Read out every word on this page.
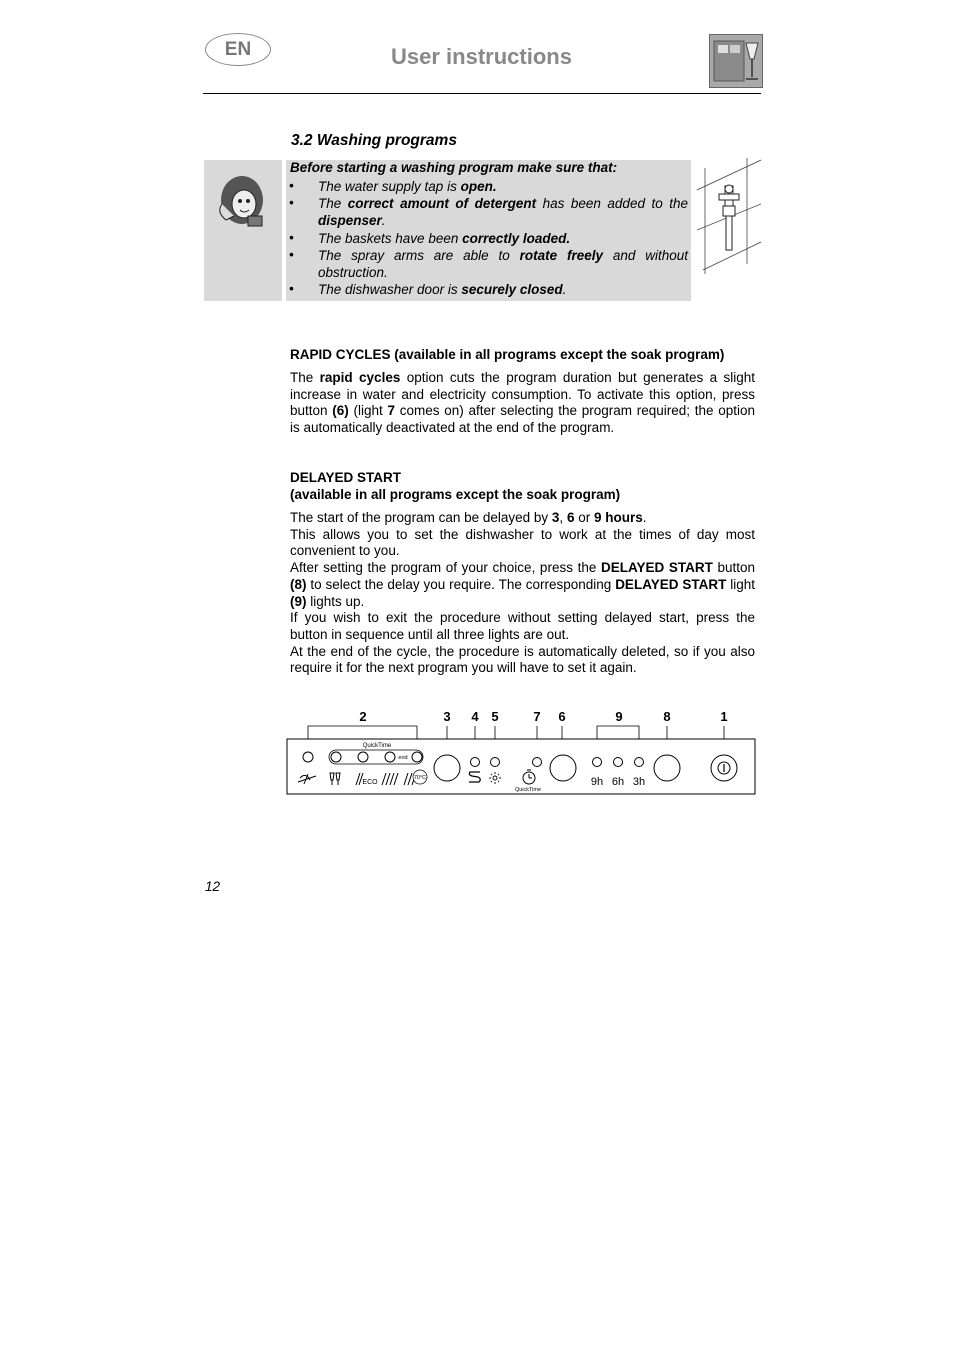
EN	User instructions
3.2 Washing programs
Before starting a washing program make sure that:
• The water supply tap is open.
• The correct amount of detergent has been added to the dispenser.
• The baskets have been correctly loaded.
• The spray arms are able to rotate freely and without obstruction.
• The dishwasher door is securely closed.
RAPID CYCLES (available in all programs except the soak program)
The rapid cycles option cuts the program duration but generates a slight increase in water and electricity consumption. To activate this option, press button (6) (light 7 comes on) after selecting the program required; the option is automatically deactivated at the end of the program.
DELAYED START
(available in all programs except the soak program)
The start of the program can be delayed by 3, 6 or 9 hours.
This allows you to set the dishwasher to work at the times of day most convenient to you.
After setting the program of your choice, press the DELAYED START button (8) to select the delay you require. The corresponding DELAYED START light (9) lights up.
If you wish to exit the procedure without setting delayed start, press the button in sequence until all three lights are out.
At the end of the cycle, the procedure is automatically deleted, so if you also require it for the next program you will have to set it again.
2	3 4 5	7 6	9	8	1
QuickTime
end
ECO
70°C
QuickTime
9h 6h 3h
12
